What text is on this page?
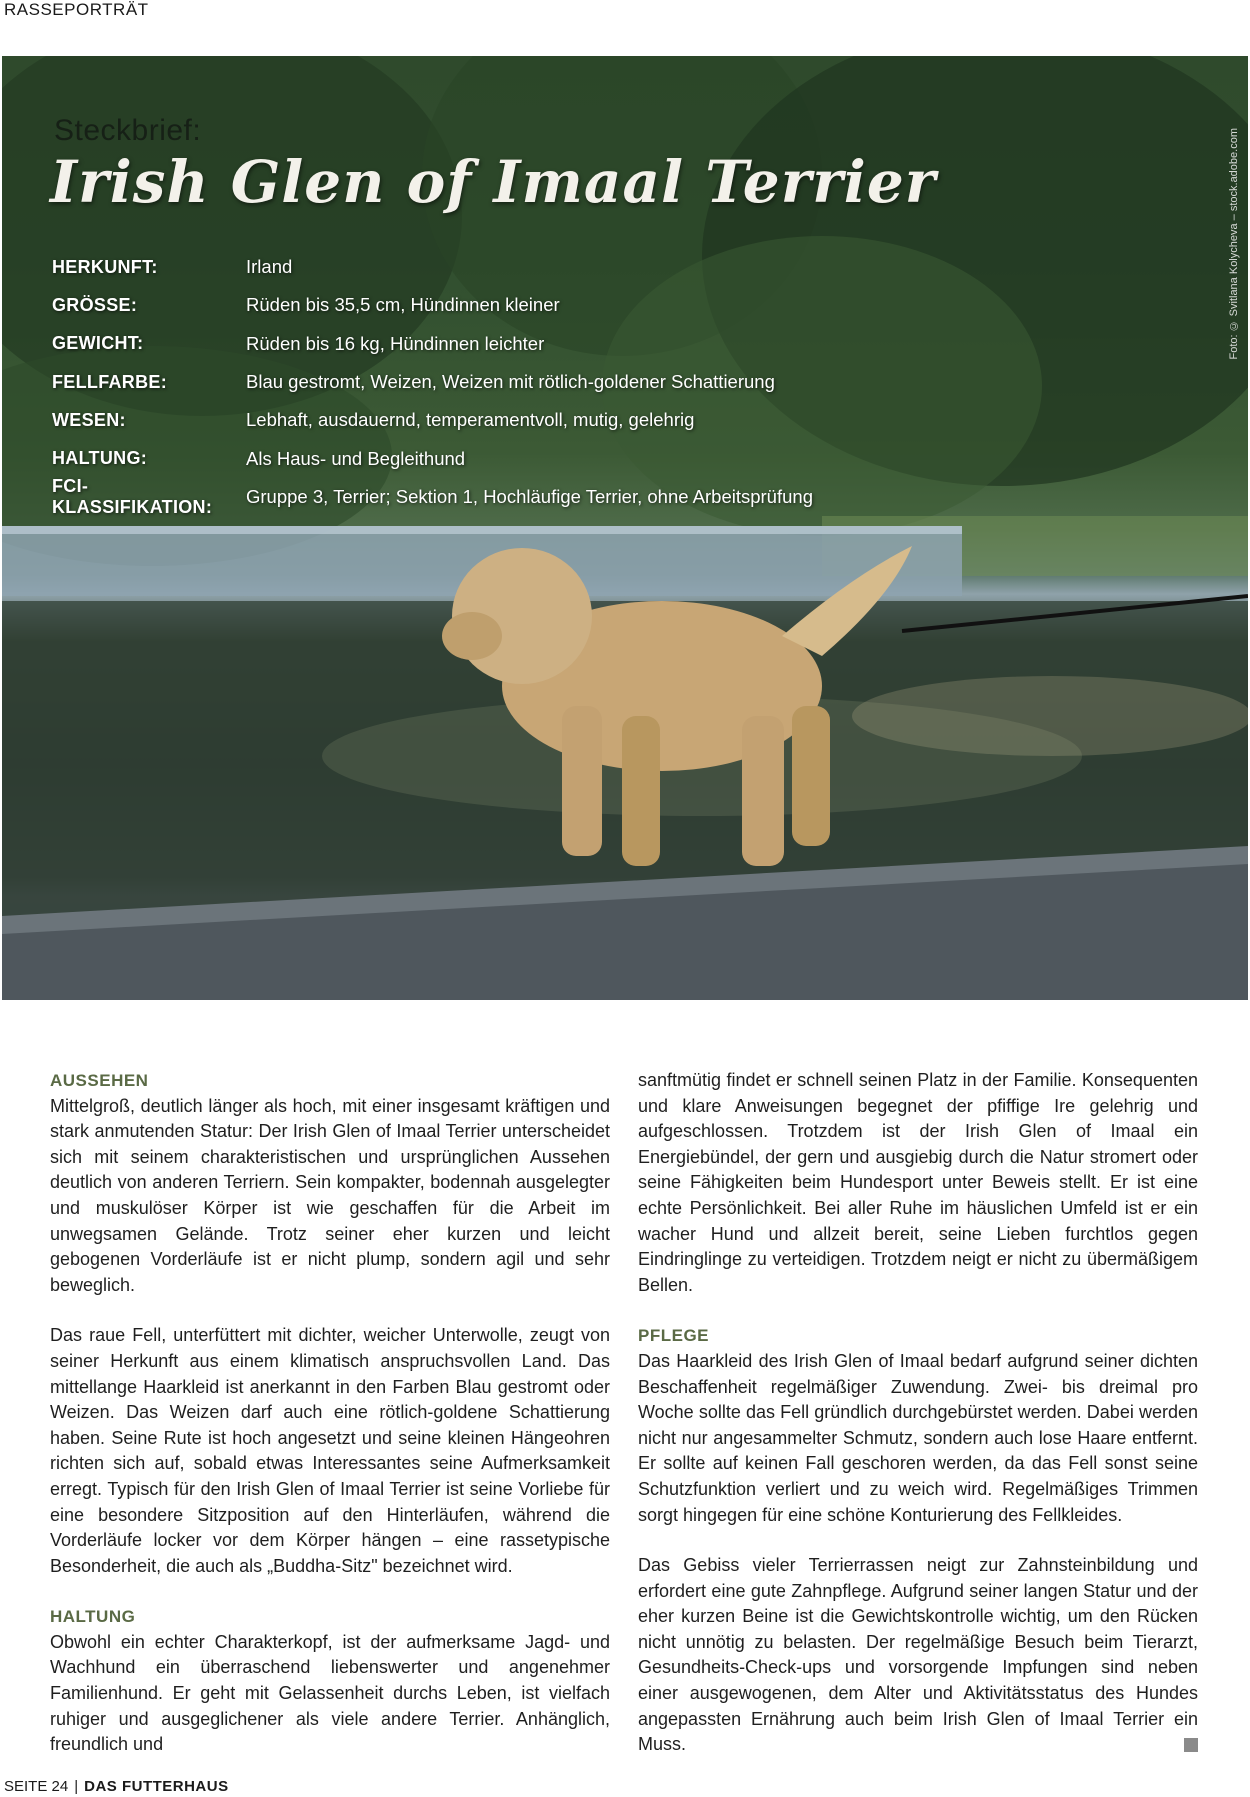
RASSEPORTRÄT
Foto: © Svitlana Kolycheva – stock.adobe.com
Steckbrief:
Irish Glen of Imaal Terrier
HERKUNFT:	Irland
GRÖSSE:	Rüden bis 35,5 cm, Hündinnen kleiner
GEWICHT:	Rüden bis 16 kg, Hündinnen leichter
FELLFARBE:	Blau gestromt, Weizen, Weizen mit rötlich-goldener Schattierung
WESEN:	Lebhaft, ausdauernd, temperamentvoll, mutig, gelehrig
HALTUNG:	Als Haus- und Begleithund
FCI-KLASSIFIKATION:
Gruppe 3, Terrier; Sektion 1, Hochläufige Terrier, ohne Arbeitsprüfung
AUSSEHEN

Mittelgroß, deutlich länger als hoch, mit einer insgesamt kräftigen und stark anmutenden Statur: Der Irish Glen of Imaal Terrier unterscheidet sich mit seinem charakteristischen und ursprünglichen Aussehen deutlich von anderen Terriern. Sein kompakter, bodennah ausgelegter und muskulöser Körper ist wie geschaffen für die Arbeit im unwegsamen Gelände. Trotz seiner eher kurzen und leicht gebogenen Vorderläufe ist er nicht plump, sondern agil und sehr beweglich.

Das raue Fell, unterfüttert mit dichter, weicher Unterwolle, zeugt von seiner Herkunft aus einem klimatisch anspruchsvollen Land. Das mittellange Haarkleid ist anerkannt in den Farben Blau gestromt oder Weizen. Das Weizen darf auch eine rötlich-goldene Schattierung haben. Seine Rute ist hoch angesetzt und seine kleinen Hängeohren richten sich auf, sobald etwas Interessantes seine Aufmerksamkeit erregt. Typisch für den Irish Glen of Imaal Terrier ist seine Vorliebe für eine besondere Sitzposition auf den Hinterläufen, während die Vorderläufe locker vor dem Körper hängen – eine rassetypische Besonderheit, die auch als „Buddha-Sitz" bezeichnet wird.

HALTUNG

Obwohl ein echter Charakterkopf, ist der aufmerksame Jagd- und Wachhund ein überraschend liebenswerter und angenehmer Familienhund. Er geht mit Gelassenheit durchs Leben, ist vielfach ruhiger und ausgeglichener als viele andere Terrier. Anhänglich, freundlich und

sanftmütig findet er schnell seinen Platz in der Familie. Konsequenten und klare Anweisungen begegnet der pfiffige Ire gelehrig und aufgeschlossen. Trotzdem ist der Irish Glen of Imaal ein Energiebündel, der gern und ausgiebig durch die Natur stromert oder seine Fähigkeiten beim Hundesport unter Beweis stellt. Er ist eine echte Persönlichkeit. Bei aller Ruhe im häuslichen Umfeld ist er ein wacher Hund und allzeit bereit, seine Lieben furchtlos gegen Eindringlinge zu verteidigen. Trotzdem neigt er nicht zu übermäßigem Bellen.

PFLEGE

Das Haarkleid des Irish Glen of Imaal bedarf aufgrund seiner dichten Beschaffenheit regelmäßiger Zuwendung. Zwei- bis dreimal pro Woche sollte das Fell gründlich durchgebürstet werden. Dabei werden nicht nur angesammelter Schmutz, sondern auch lose Haare entfernt. Er sollte auf keinen Fall geschoren werden, da das Fell sonst seine Schutzfunktion verliert und zu weich wird. Regelmäßiges Trimmen sorgt hingegen für eine schöne Konturierung des Fellkleides.

Das Gebiss vieler Terrierrassen neigt zur Zahnsteinbildung und erfordert eine gute Zahnpflege. Aufgrund seiner langen Statur und der eher kurzen Beine ist die Gewichtskontrolle wichtig, um den Rücken nicht unnötig zu belasten. Der regelmäßige Besuch beim Tierarzt, Gesundheits-Check-ups und vorsorgende Impfungen sind neben einer ausgewogenen, dem Alter und Aktivitätsstatus des Hundes angepassten Ernährung auch beim Irish Glen of Imaal Terrier ein Muss.

SEITE 24 | DAS FUTTERHAUS
